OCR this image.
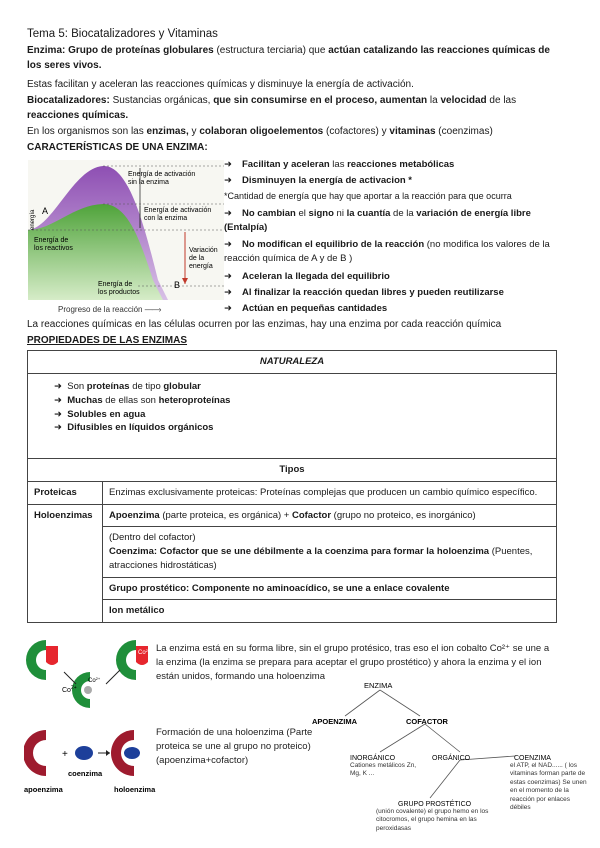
Tema 5: Biocatalizadores y Vitaminas
Enzima: Grupo de proteínas globulares (estructura terciaria) que actúan catalizando las reacciones químicas de los seres vivos.
Estas facilitan y aceleran las reacciones químicas y disminuye la energía de activación.
Biocatalizadores: Sustancias orgánicas, que sin consumirse en el proceso, aumentan la velocidad de las reacciones químicas.
En los organismos son las enzimas, y colaboran oligoelementos (cofactores) y vitaminas (coenzimas)
CARACTERÍSTICAS DE UNA ENZIMA:
Energía de activación
sin la enzima
Energía de activación
con la enzima
A
B
Energía de
los reactivos
Energía de
los productos
Variación
de la
energía
energía
Progreso de la reacción ——›
➜ Facilitan y aceleran las reacciones metabólicas
➜ Disminuyen la energía de activacion *
*Cantidad de energía que hay que aportar a la reacción para que ocurra
➜ No cambian el signo ni la cuantía de la variación de energía libre (Entalpía)
➜ No modifican el equilibrio de la reacción (no modifica los valores de la reacción química de A y de B )
➜ Aceleran la llegada del equilibrio
➜ Al finalizar la reacción quedan libres y pueden reutilizarse
➜ Actúan en pequeñas cantidades
La reacciones químicas en las células ocurren por las enzimas, hay una enzima por cada reacción química
PROPIEDADES DE LAS ENZIMAS
NATURALEZA	

➜  Son proteínas de tipo globular
➜  Muchas de ellas son heteroproteínas
➜  Solubles en agua
➜  Difusibles en líquidos orgánicos	

Tipos	
Proteicas	Enzimas exclusivamente proteicas: Proteínas complejas que producen un cambio químico específico.
Holoenzimas	Apoenzima (parte proteica, es orgánica) + Cofactor (grupo no proteico, es inorgánico)

	(Dentro del cofactor)
Coenzima: Cofactor que se une débilmente a la coenzima para formar la holoenzima (Puentes, atracciones hidrostáticas)
	Grupo prostético: Componente no aminoacídico, se une a enlace covalente
	Ion metálico
$Co^{2+}$
$Co^{2+}$
$Co^{2+}$ La enzima está en su forma libre, sin el grupo protésico, tras eso el ion cobalto Co²⁺ se une a la enzima (la enzima se prepara para aceptar el grupo prostético) y ahora la enzima y el ion están unidos, formando una holoenzima
+
apoenzima
coenzima
holoenzima
Formación de una holoenzima (Parte proteica se une al grupo no proteico) (apoenzima+cofactor)
ENZIMA
APOENZIMA	COFACTOR
INORGÁNICO
Cationes metálicos Zn, Mg, K ...
ORGÁNICO	COENZIMA
el ATP, el NAD...... ( los vitaminas forman parte de estas coenzimas) Se unen en el momento de la reacción por enlaces débiles
GRUPO PROSTÉTICO
(unión covalente) el grupo hemo en los citocromos, el grupo hemina en las peroxidasas
